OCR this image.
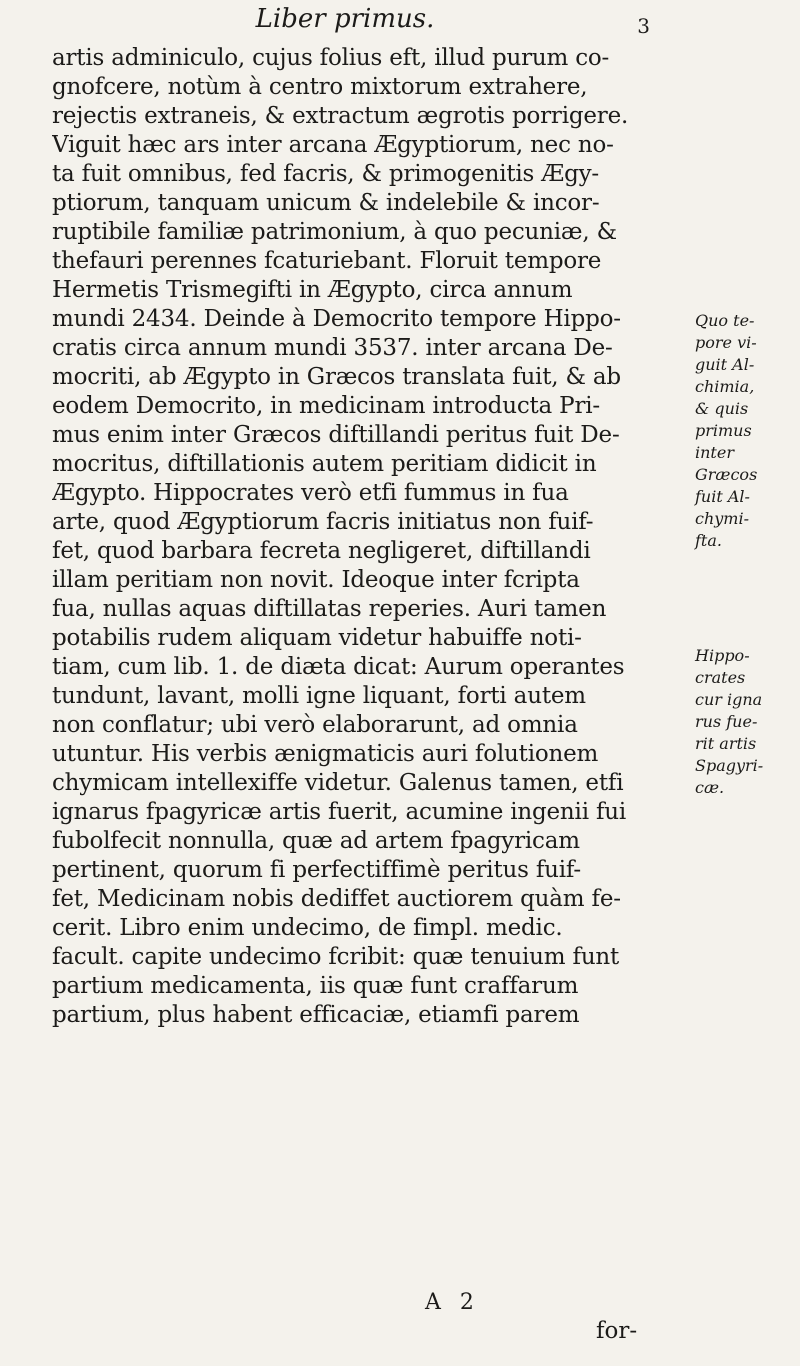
Liber primus.	3
artis adminiculo, cujus folius eft, illud purum co-
gnofcere, notùm à centro mixtorum extrahere,
rejectis extraneis, & extractum ægrotis porrigere.
Viguit hæc ars inter arcana Ægyptiorum, nec no-
ta fuit omnibus, fed facris, & primogenitis Ægy-
ptiorum, tanquam unicum & indelebile & incor-
ruptibile familiæ patrimonium, à quo pecuniæ, &
thefauri perennes fcaturiebant. Floruit tempore
Hermetis Trismegifti in Ægypto, circa annum
mundi 2434. Deinde à Democrito tempore Hippo-
cratis circa annum mundi 3537. inter arcana De-
mocriti, ab Ægypto in Græcos translata fuit, & ab
eodem Democrito, in medicinam introducta Pri-
mus enim inter Græcos diftillandi peritus fuit De-
mocritus, diftillationis autem peritiam didicit in
Ægypto. Hippocrates verò etfi fummus in fua
arte, quod Ægyptiorum facris initiatus non fuif-
fet, quod barbara fecreta negligeret, diftillandi
illam peritiam non novit. Ideoque inter fcripta
fua, nullas aquas diftillatas reperies. Auri tamen
potabilis rudem aliquam videtur habuiffe noti-
tiam, cum lib. 1. de diæta dicat: Aurum operantes
tundunt, lavant, molli igne liquant, forti autem
non conflatur; ubi verò elaborarunt, ad omnia
utuntur. His verbis ænigmaticis auri folutionem
chymicam intellexiffe videtur. Galenus tamen, etfi
ignarus fpagyricæ artis fuerit, acumine ingenii fui
fubolfecit nonnulla, quæ ad artem fpagyricam
pertinent, quorum fi perfectiffimè peritus fuif-
fet, Medicinam nobis dediffet auctiorem quàm fe-
cerit. Libro enim undecimo, de fimpl. medic.
facult. capite undecimo fcribit: quæ tenuium funt
partium medicamenta, iis quæ funt craffarum
partium, plus habent efficaciæ, etiamfi parem
Quo te-
pore vi-
guit Al-
chimia,
& quis
primus
inter
Græcos
fuit Al-
chymi-
fta.
Hippo-
crates
cur igna
rus fue-
rit artis
Spagyri-
cæ.
A 2
for-
